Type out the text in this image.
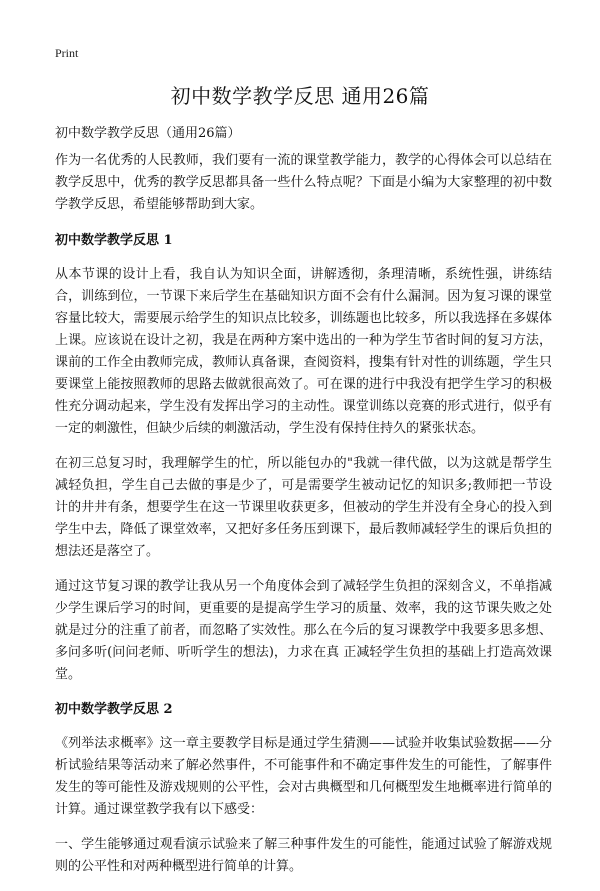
Print
初中数学教学反思 通用26篇
初中数学教学反思（通用26篇）

作为一名优秀的人民教师，我们要有一流的课堂教学能力，教学的心得体会可以总结在教学反思中，优秀的教学反思都具备一些什么特点呢？下面是小编为大家整理的初中数学教学反思，希望能够帮助到大家。

初中数学教学反思 1

从本节课的设计上看，我自认为知识全面，讲解透彻，条理清晰，系统性强，讲练结合，训练到位，一节课下来后学生在基础知识方面不会有什么漏洞。因为复习课的课堂容量比较大，需要展示给学生的知识点比较多，训练题也比较多，所以我选择在多媒体上课。应该说在设计之初，我是在两种方案中选出的一种为学生节省时间的复习方法，课前的工作全由教师完成，教师认真备课，查阅资料，搜集有针对性的训练题，学生只要课堂上能按照教师的思路去做就很高效了。可在课的进行中我没有把学生学习的积极性充分调动起来，学生没有发挥出学习的主动性。课堂训练以竞赛的形式进行，似乎有一定的刺激性，但缺少后续的刺激活动，学生没有保持住持久的紧张状态。

在初三总复习时，我理解学生的忙，所以能包办的"我就一律代做，以为这就是帮学生减轻负担，学生自己去做的事是少了，可是需要学生被动记忆的知识多;教师把一节设计的井井有条，想要学生在这一节课里收获更多，但被动的学生并没有全身心的投入到学生中去，降低了课堂效率，又把好多任务压到课下，最后教师减轻学生的课后负担的想法还是落空了。

通过这节复习课的教学让我从另一个角度体会到了减轻学生负担的深刻含义，不单指减少学生课后学习的时间，更重要的是提高学生学习的质量、效率，我的这节课失败之处就是过分的注重了前者，而忽略了实效性。那么在今后的复习课教学中我要多思多想、多问多听(问问老师、听听学生的想法)，力求在真 正减轻学生负担的基础上打造高效课堂。

初中数学教学反思 2

《列举法求概率》这一章主要教学目标是通过学生猜测——试验并收集试验数据——分析试验结果等活动来了解必然事件，不可能事件和不确定事件发生的可能性，了解事件发生的等可能性及游戏规则的公平性，会对古典概型和几何概型发生地概率进行简单的计算。通过课堂教学我有以下感受：

一、学生能够通过观看演示试验来了解三种事件发生的可能性，能通过试验了解游戏规则的公平性和对两种概型进行简单的计算。
